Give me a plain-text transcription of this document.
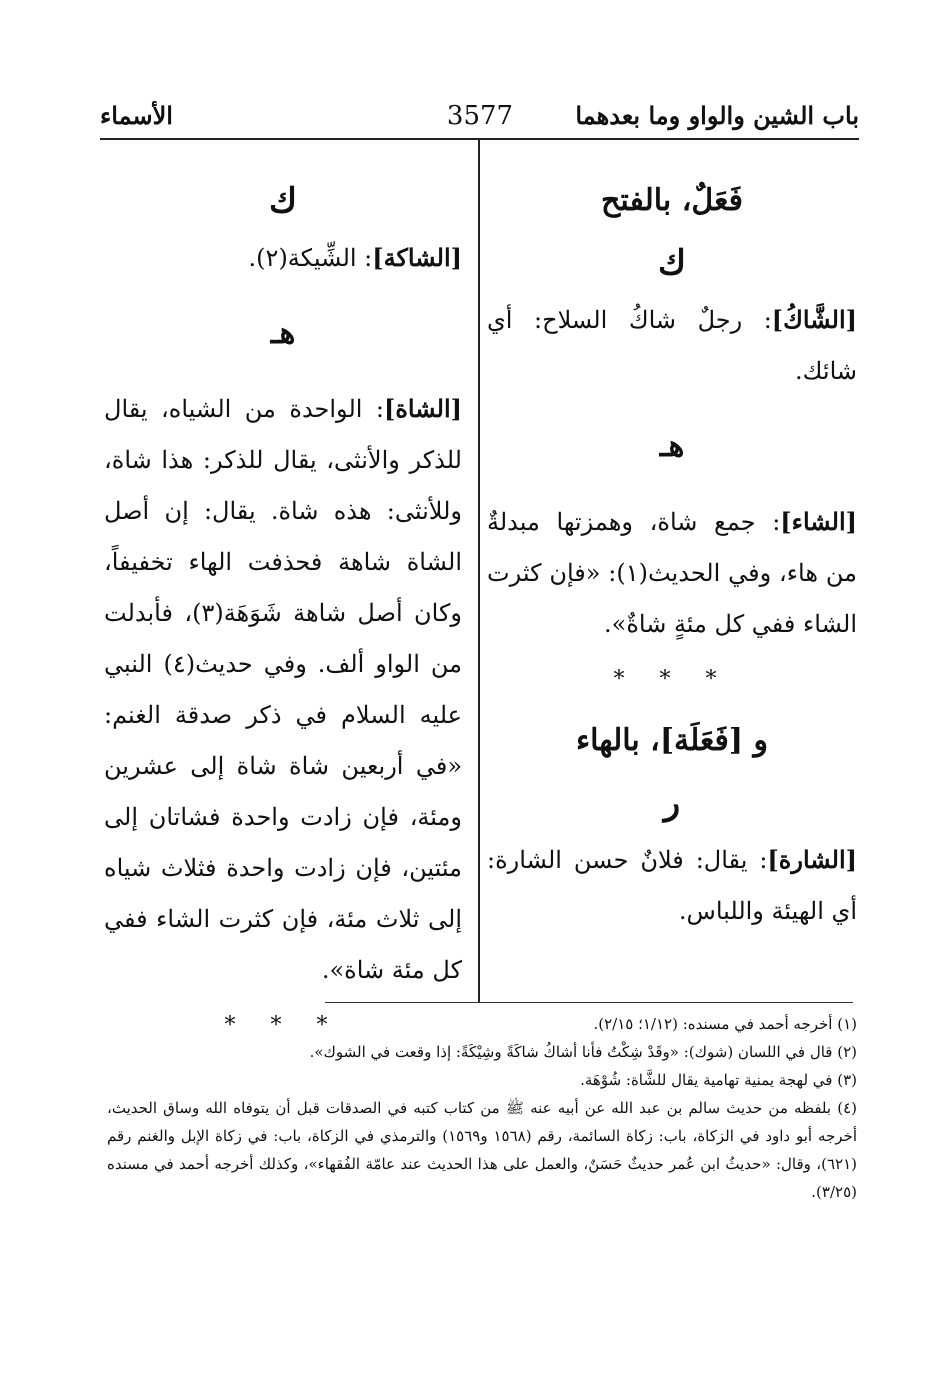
باب الشين والواو وما بعدهما
3577
الأسماء
فَعَلٌ، بالفتح
ك

[الشَّاكُ]: رجلٌ شاكُ السلاح: أي شائك.

هـ

[الشاء]: جمع شاة، وهمزتها مبدلةٌ من هاء، وفي الحديث(١): «فإن كثرت الشاء ففي كل مئةٍ شاةٌ».

* * *
و [فَعَلَة]، بالهاء
ر

[الشارة]: يقال: فلانٌ حسن الشارة: أي الهيئة واللباس.

ك

[الشاكة]: الشِّيكة(٢).

هـ

[الشاة]: الواحدة من الشياه، يقال للذكر والأنثى، يقال للذكر: هذا شاة، وللأنثى: هذه شاة. يقال: إن أصل الشاة شاهة فحذفت الهاء تخفيفاً، وكان أصل شاهة شَوَهَة(٣)، فأبدلت من الواو ألف. وفي حديث(٤) النبي عليه السلام في ذكر صدقة الغنم: «في أربعين شاة شاة إلى عشرين ومئة، فإن زادت واحدة فشاتان إلى مئتين، فإن زادت واحدة فثلاث شياه إلى ثلاث مئة، فإن كثرت الشاء ففي كل مئة شاة».

* * *	(١) أخرجه أحمد في مسنده: (١/١٢؛ ٢/١٥).

(٢) قال في اللسان (شوك): «وقَدْ شِكْتُ فأنا أشاكُ شاكَةً وشِيْكَةً: إذا وقعت في الشوك».

(٣) في لهجة يمنية تهامية يقال للشَّاة: شُوْهَة.

(٤) بلفظه من حديث سالم بن عبد الله عن أبيه عنه ﷺ من كتاب كتبه في الصدقات قبل أن يتوفاه الله وساق الحديث، أخرجه أبو داود في الزكاة، باب: زكاة السائمة، رقم (١٥٦٨ و١٥٦٩) والترمذي في الزكاة، باب: في زكاة الإبل والغنم رقم (٦٢١)، وقال: «حديثُ ابن عُمر حديثٌ حَسَنٌ، والعمل على هذا الحديث عند عامّة الفُقهاء»، وكذلك أخرجه أحمد في مسنده (٣/٢٥).
